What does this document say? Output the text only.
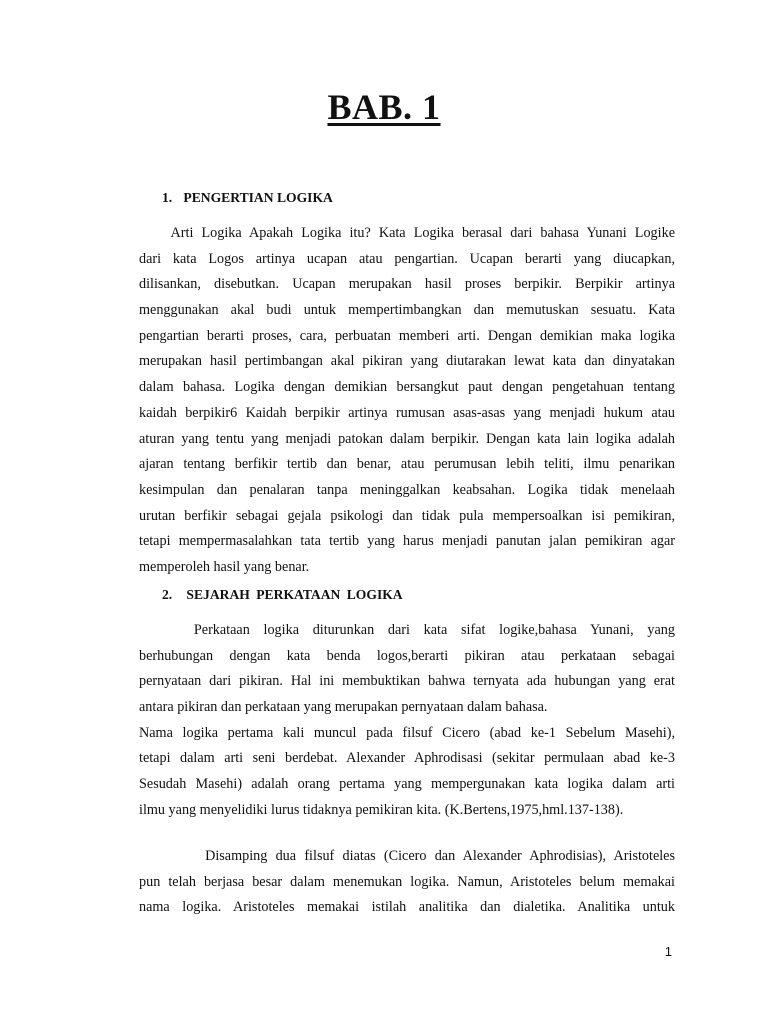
BAB. 1
1. PENGERTIAN LOGIKA
Arti Logika Apakah Logika itu? Kata Logika berasal dari bahasa Yunani Logike
dari kata Logos artinya ucapan atau pengartian. Ucapan berarti yang diucapkan,
dilisankan, disebutkan. Ucapan merupakan hasil proses berpikir. Berpikir artinya
menggunakan akal budi untuk mempertimbangkan dan memutuskan sesuatu. Kata
pengartian berarti proses, cara, perbuatan memberi arti. Dengan demikian maka logika
merupakan hasil pertimbangan akal pikiran yang diutarakan lewat kata dan dinyatakan
dalam bahasa. Logika dengan demikian bersangkut paut dengan pengetahuan tentang
kaidah berpikir6 Kaidah berpikir artinya rumusan asas-asas yang menjadi hukum atau
aturan yang tentu yang menjadi patokan dalam berpikir. Dengan kata lain logika adalah
ajaran tentang berfikir tertib dan benar, atau perumusan lebih teliti, ilmu penarikan
kesimpulan dan penalaran tanpa meninggalkan keabsahan. Logika tidak menelaah
urutan berfikir sebagai gejala psikologi dan tidak pula mempersoalkan isi pemikiran,
tetapi mempermasalahkan tata tertib yang harus menjadi panutan jalan pemikiran agar
memperoleh hasil yang benar.
2. SEJARAH PERKATAAN LOGIKA
Perkataan logika diturunkan dari kata sifat logike,bahasa Yunani, yang
berhubungan dengan kata benda logos,berarti pikiran atau perkataan sebagai
pernyataan dari pikiran. Hal ini membuktikan bahwa ternyata ada hubungan yang erat
antara pikiran dan perkataan yang merupakan pernyataan dalam bahasa.
Nama logika pertama kali muncul pada filsuf Cicero (abad ke-1 Sebelum Masehi),
tetapi dalam arti seni berdebat. Alexander Aphrodisasi (sekitar permulaan abad ke-3
Sesudah Masehi) adalah orang pertama yang mempergunakan kata logika dalam arti
ilmu yang menyelidiki lurus tidaknya pemikiran kita. (K.Bertens,1975,hml.137-138).
Disamping dua filsuf diatas (Cicero dan Alexander Aphrodisias), Aristoteles
pun telah berjasa besar dalam menemukan logika. Namun, Aristoteles belum memakai
nama logika. Aristoteles memakai istilah analitika dan dialetika. Analitika untuk
1
